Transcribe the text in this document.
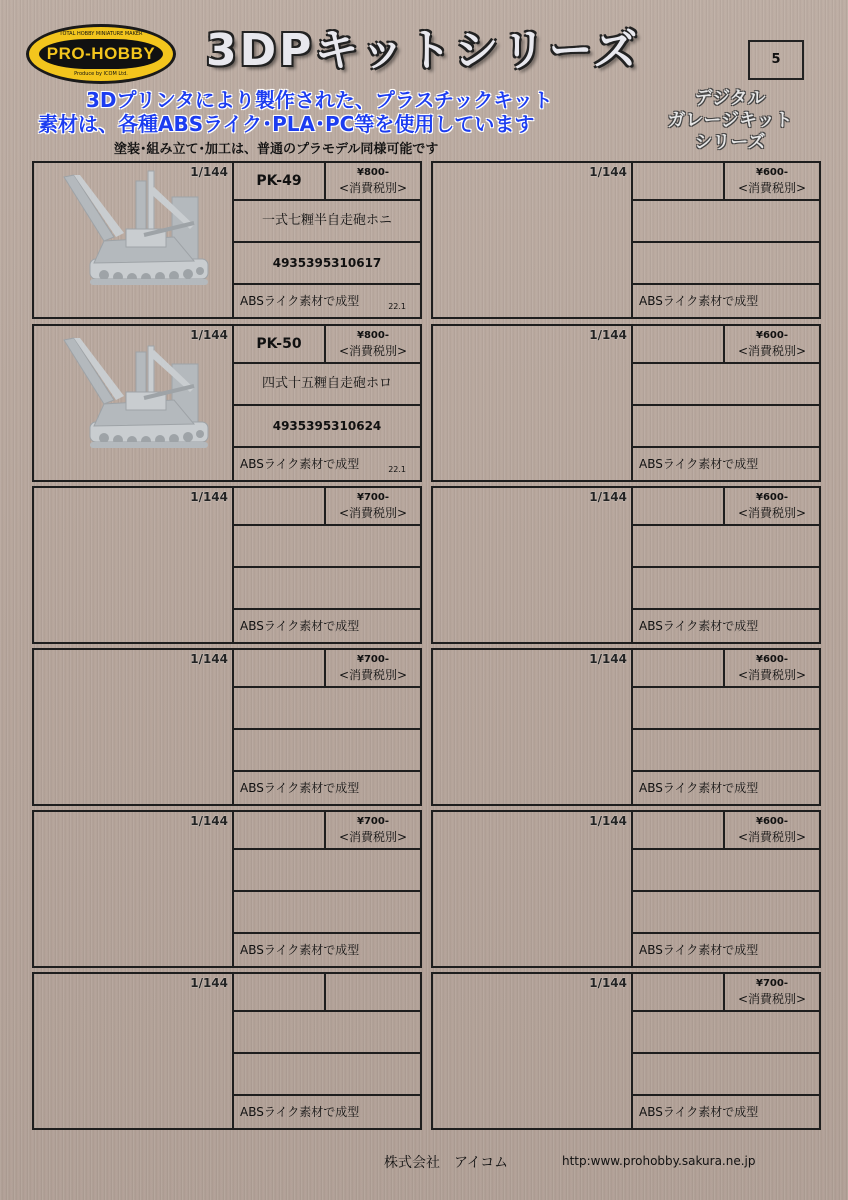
TOTAL HOBBY MINIATURE MAKER
PRO-HOBBY
Produce by ICOM Ltd.	3DPキットシリーズ	5
3Dプリンタにより製作された、プラスチックキット
素材は、各種ABSライク･PLA･PC等を使用しています
塗装･組み立て･加工は、普通のプラモデル同様可能です
デジタル
ガレージキット
シリーズ
1/144
PK-49
¥800-
<消費税別>
一式七糎半自走砲ホニ
4935395310617
ABSライク素材で成型	22.1
1/144	¥600-
<消費税別>
ABSライク素材で成型
1/144
PK-50
¥800-
<消費税別>
四式十五糎自走砲ホロ
4935395310624
ABSライク素材で成型	22.1
1/144	¥600-
<消費税別>
ABSライク素材で成型
1/144	¥700-
<消費税別>
ABSライク素材で成型
1/144	¥600-
<消費税別>
ABSライク素材で成型
1/144	¥700-
<消費税別>
ABSライク素材で成型
1/144	¥600-
<消費税別>
ABSライク素材で成型
1/144	¥700-
<消費税別>
ABSライク素材で成型
1/144	¥600-
<消費税別>
ABSライク素材で成型
1/144
ABSライク素材で成型
1/144	¥700-
<消費税別>
ABSライク素材で成型
株式会社　アイコム	http:www.prohobby.sakura.ne.jp
